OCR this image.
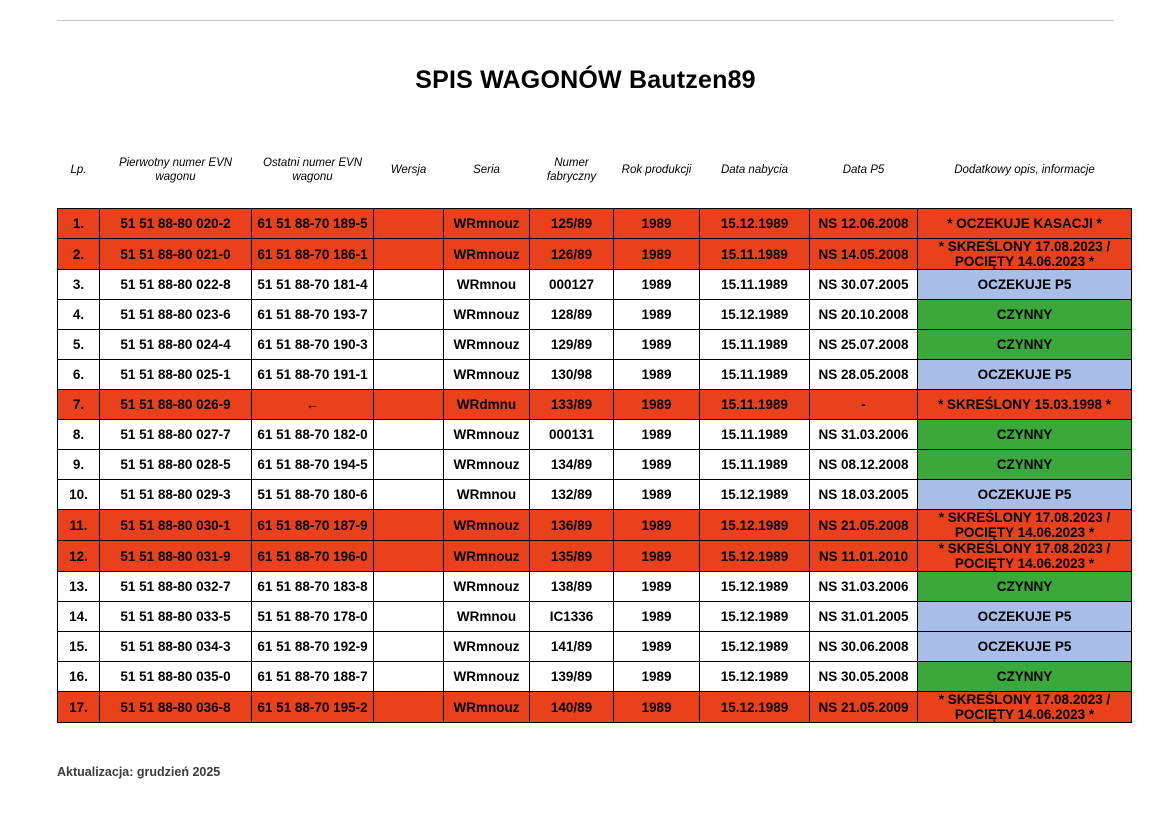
SPIS WAGONÓW Bautzen89
Lp.	Pierwotny numer EVN wagonu	Ostatni numer EVN wagonu	Wersja	Seria	Numer fabryczny	Rok produkcji	Data nabycia	Data P5	Dodatkowy opis, informacje
1.	51 51 88-80 020-2	61 51 88-70 189-5		WRmnouz	125/89	1989	15.12.1989	NS 12.06.2008	* OCZEKUJE KASACJI *
2.	51 51 88-80 021-0	61 51 88-70 186-1		WRmnouz	126/89	1989	15.11.1989	NS 14.05.2008	* SKREŚLONY 17.08.2023 / POCIĘTY 14.06.2023 *
3.	51 51 88-80 022-8	51 51 88-70 181-4		WRmnou	000127	1989	15.11.1989	NS 30.07.2005	OCZEKUJE P5
4.	51 51 88-80 023-6	61 51 88-70 193-7		WRmnouz	128/89	1989	15.12.1989	NS 20.10.2008	CZYNNY
5.	51 51 88-80 024-4	61 51 88-70 190-3		WRmnouz	129/89	1989	15.11.1989	NS 25.07.2008	CZYNNY
6.	51 51 88-80 025-1	61 51 88-70 191-1		WRmnouz	130/98	1989	15.11.1989	NS 28.05.2008	OCZEKUJE P5
7.	51 51 88-80 026-9	←		WRdmnu	133/89	1989	15.11.1989	-	* SKREŚLONY 15.03.1998 *
8.	51 51 88-80 027-7	61 51 88-70 182-0		WRmnouz	000131	1989	15.11.1989	NS 31.03.2006	CZYNNY
9.	51 51 88-80 028-5	61 51 88-70 194-5		WRmnouz	134/89	1989	15.11.1989	NS 08.12.2008	CZYNNY
10.	51 51 88-80 029-3	51 51 88-70 180-6		WRmnou	132/89	1989	15.12.1989	NS 18.03.2005	OCZEKUJE P5
11.	51 51 88-80 030-1	61 51 88-70 187-9		WRmnouz	136/89	1989	15.12.1989	NS 21.05.2008	* SKREŚLONY 17.08.2023 / POCIĘTY 14.06.2023 *
12.	51 51 88-80 031-9	61 51 88-70 196-0		WRmnouz	135/89	1989	15.12.1989	NS 11.01.2010	* SKREŚLONY 17.08.2023 / POCIĘTY 14.06.2023 *
13.	51 51 88-80 032-7	61 51 88-70 183-8		WRmnouz	138/89	1989	15.12.1989	NS 31.03.2006	CZYNNY
14.	51 51 88-80 033-5	51 51 88-70 178-0		WRmnou	IC1336	1989	15.12.1989	NS 31.01.2005	OCZEKUJE P5
15.	51 51 88-80 034-3	61 51 88-70 192-9		WRmnouz	141/89	1989	15.12.1989	NS 30.06.2008	OCZEKUJE P5
16.	51 51 88-80 035-0	61 51 88-70 188-7		WRmnouz	139/89	1989	15.12.1989	NS 30.05.2008	CZYNNY
17.	51 51 88-80 036-8	61 51 88-70 195-2		WRmnouz	140/89	1989	15.12.1989	NS 21.05.2009	* SKREŚLONY 17.08.2023 / POCIĘTY 14.06.2023 *
Aktualizacja: grudzień 2025
